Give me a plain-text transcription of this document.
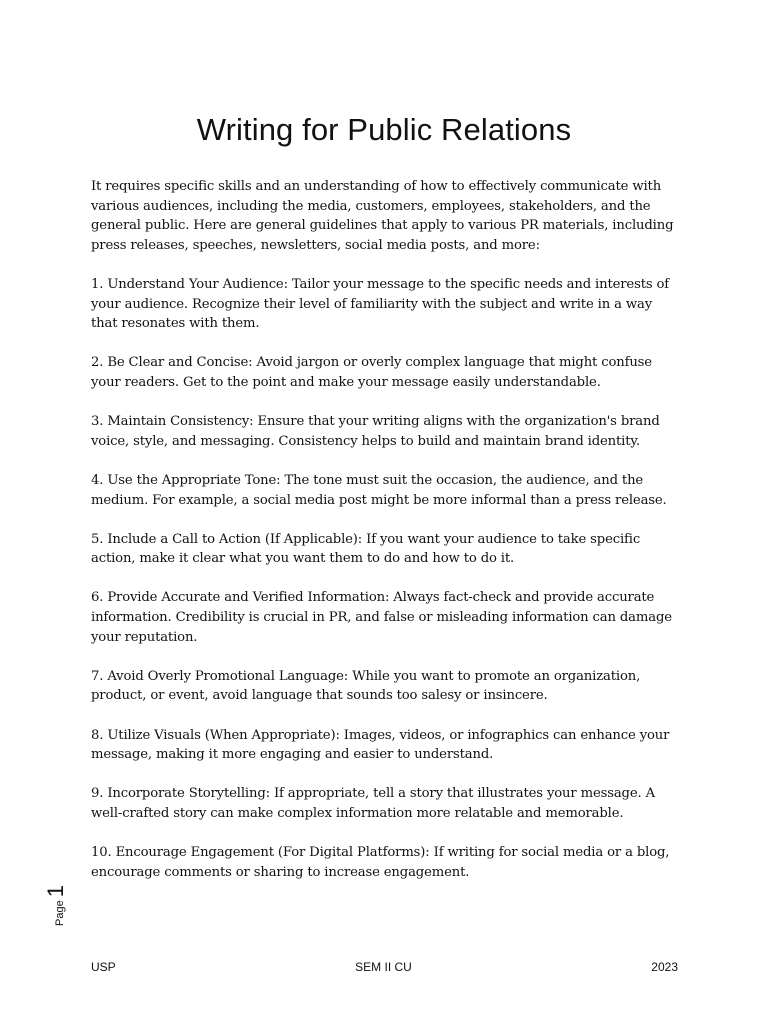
Writing for Public Relations

It requires specific skills and an understanding of how to effectively communicate with various audiences, including the media, customers, employees, stakeholders, and the general public. Here are general guidelines that apply to various PR materials, including press releases, speeches, newsletters, social media posts, and more:

1. Understand Your Audience: Tailor your message to the specific needs and interests of your audience. Recognize their level of familiarity with the subject and write in a way that resonates with them.

2. Be Clear and Concise: Avoid jargon or overly complex language that might confuse your readers. Get to the point and make your message easily understandable.

3. Maintain Consistency: Ensure that your writing aligns with the organization's brand voice, style, and messaging. Consistency helps to build and maintain brand identity.

4. Use the Appropriate Tone: The tone must suit the occasion, the audience, and the medium. For example, a social media post might be more informal than a press release.

5. Include a Call to Action (If Applicable): If you want your audience to take specific action, make it clear what you want them to do and how to do it.

6. Provide Accurate and Verified Information: Always fact-check and provide accurate information. Credibility is crucial in PR, and false or misleading information can damage your reputation.

7. Avoid Overly Promotional Language: While you want to promote an organization, product, or event, avoid language that sounds too salesy or insincere.

8. Utilize Visuals (When Appropriate): Images, videos, or infographics can enhance your message, making it more engaging and easier to understand.

9. Incorporate Storytelling: If appropriate, tell a story that illustrates your message. A well-crafted story can make complex information more relatable and memorable.

10. Encourage Engagement (For Digital Platforms): If writing for social media or a blog, encourage comments or sharing to increase engagement.

Page
1
USP	SEM II CU	2023
